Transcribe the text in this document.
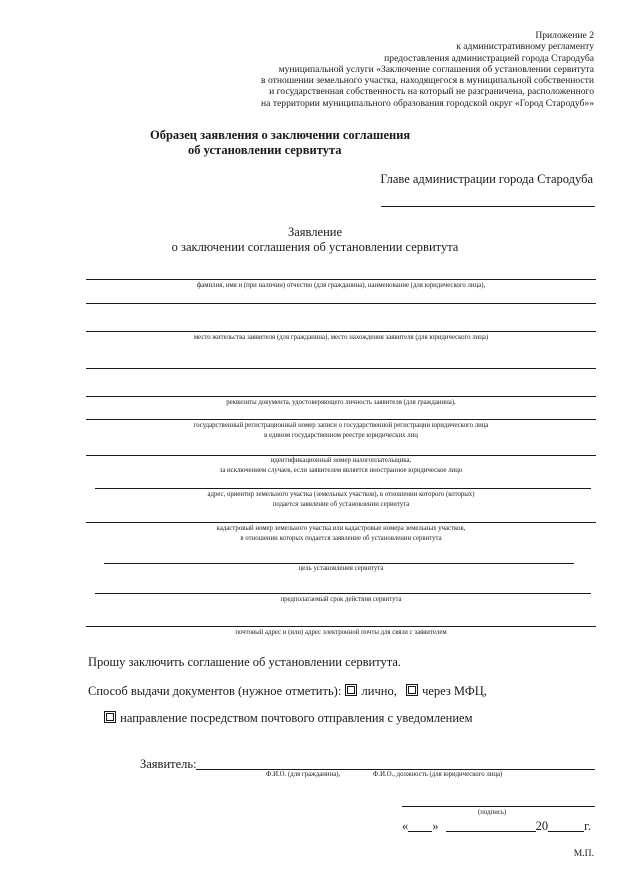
Приложение 2
к административному регламенту
предоставления администрацией города Стародуба
муниципальной услуги «Заключение соглашения об установлении сервитута
в отношении земельного участка, находящегося в муниципальной собственности
и государственная собственность на который не разграничена, расположенного
на территории муниципального образования городской округ «Город Стародуб»»
Образец заявления о заключении соглашения
об установлении сервитута
Главе администрации города Стародуба
Заявление
о заключении соглашения об установлении сервитута
фамилия, имя и (при наличии) отчество (для гражданина), наименование (для юридического лица),
место жительства заявителя (для гражданина), место нахождения заявителя (для юридического лица)
реквизиты документа, удостоверяющего личность заявителя (для гражданина),
государственный регистрационный номер записи о государственной регистрации юридического лица
в едином государственном реестре юридических лиц
идентификационный номер налогоплательщика,
за исключением случаев, если заявителем является иностранное юридическое лицо
адрес, ориентир земельного участка (земельных участков), в отношении которого (которых)
подается заявление об установлении сервитута
кадастровый номер земельного участка или кадастровые номера земельных участков,
в отношении которых подается заявление об установлении сервитута
цель установления сервитута
предполагаемый срок действия сервитута
почтовый адрес и (или) адрес электронной почты для связи с заявителем
Прошу заключить соглашение об установлении сервитута.
Способ выдачи документов (нужное отметить): лично, через МФЦ,
направление посредством почтового отправления с уведомлением
Заявитель:
Ф.И.О. (для гражданина),	Ф.И.О., должность (для юридического лица)
(подпись)
« »	20	г.
М.П.
